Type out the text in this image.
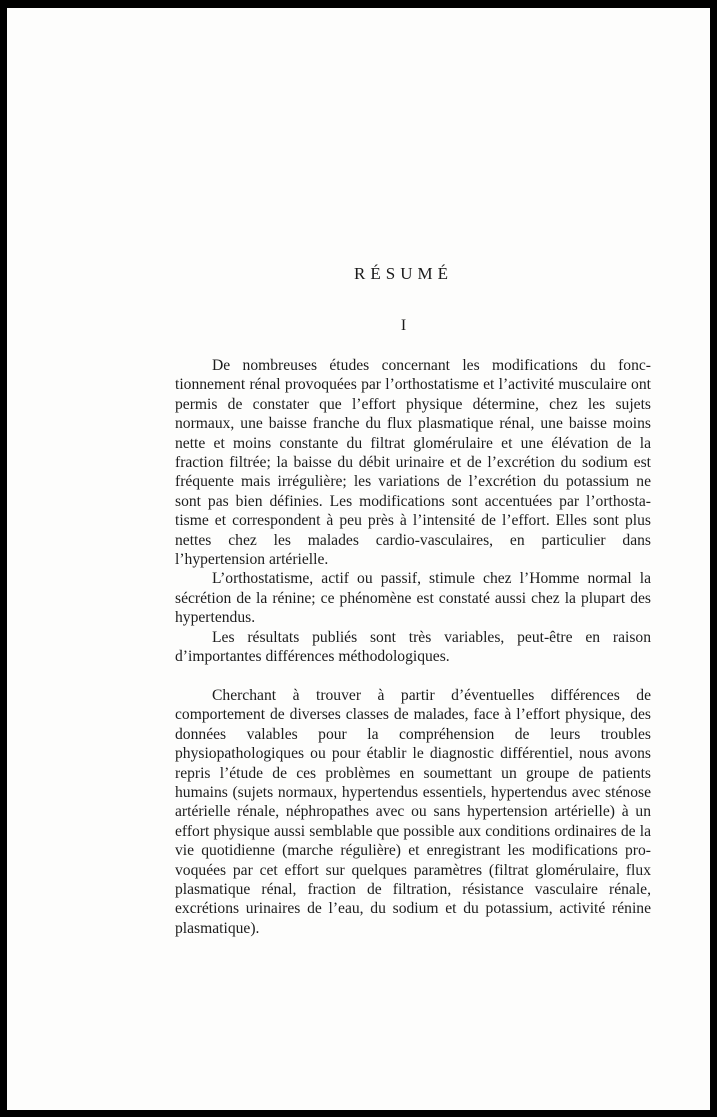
RÉSUMÉ
I

De nombreuses études concernant les modifications du fonctionnement rénal provoquées par l’orthostatisme et l’activité musculaire ont permis de constater que l’effort physique détermine, chez les sujets normaux, une baisse franche du flux plasmatique rénal, une baisse moins nette et moins constante du filtrat glomérulaire et une élévation de la fraction filtrée; la baisse du débit urinaire et de l’excrétion du sodium est fréquente mais irrégulière; les variations de l’excrétion du potassium ne sont pas bien définies. Les modifications sont accentuées par l’orthostatisme et correspondent à peu près à l’intensité de l’effort. Elles sont plus nettes chez les malades cardio-vasculaires, en particulier dans l’hypertension artérielle.

L’orthostatisme, actif ou passif, stimule chez l’Homme normal la sécrétion de la rénine; ce phénomène est constaté aussi chez la plupart des hypertendus.

Les résultats publiés sont très variables, peut-être en raison d’importantes différences méthodologiques.

Cherchant à trouver à partir d’éventuelles différences de comportement de diverses classes de malades, face à l’effort physique, des données valables pour la compréhension de leurs troubles physiopathologiques ou pour établir le diagnostic différentiel, nous avons repris l’étude de ces problèmes en soumettant un groupe de patients humains (sujets normaux, hypertendus essentiels, hypertendus avec sténose artérielle rénale, néphropathes avec ou sans hypertension artérielle) à un effort physique aussi semblable que possible aux conditions ordinaires de la vie quotidienne (marche régulière) et enregistrant les modifications provoquées par cet effort sur quelques paramètres (filtrat glomérulaire, flux plasmatique rénal, fraction de filtration, résistance vasculaire rénale, excrétions urinaires de l’eau, du sodium et du potassium, activité rénine plasmatique).
